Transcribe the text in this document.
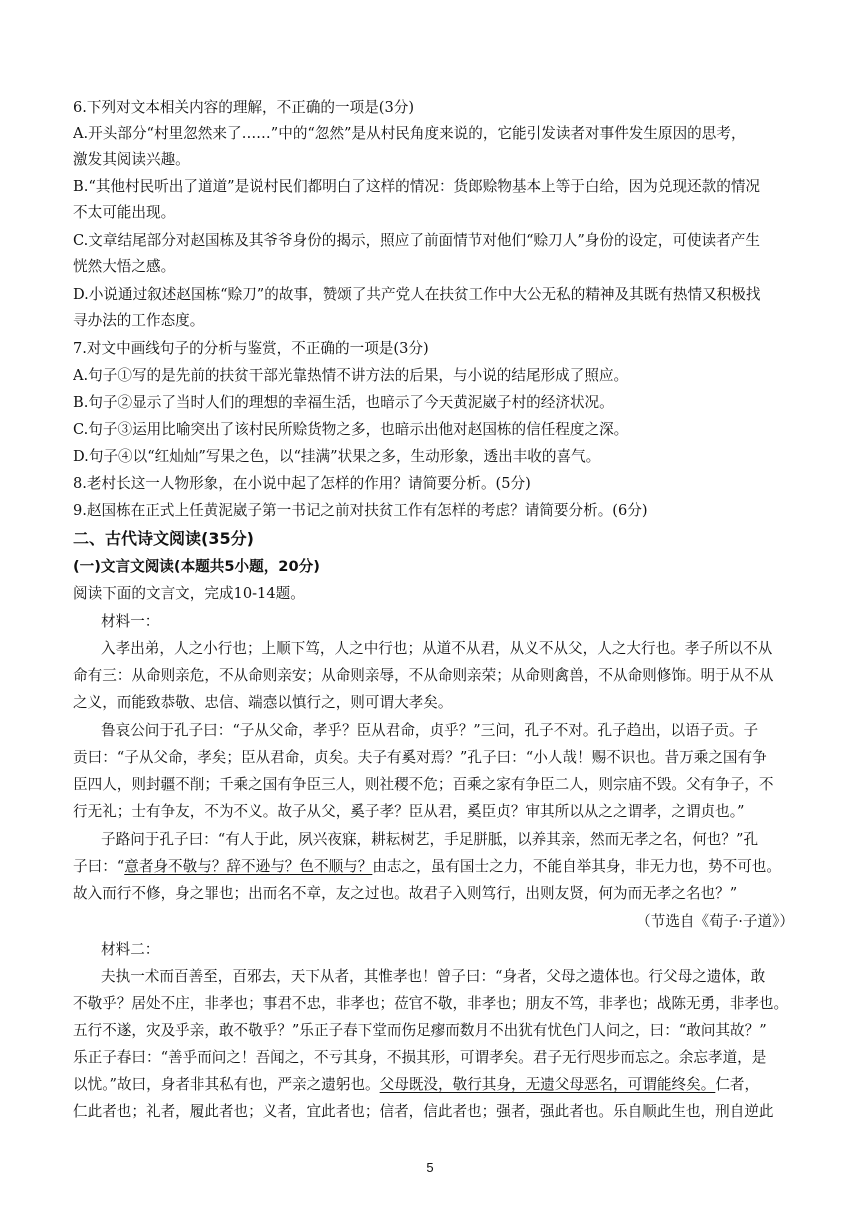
6.下列对文本相关内容的理解，不正确的一项是(3分)
A.开头部分“村里忽然来了……”中的“忽然”是从村民角度来说的，它能引发读者对事件发生原因的思考，
激发其阅读兴趣。
B.“其他村民听出了道道”是说村民们都明白了这样的情况：货郎赊物基本上等于白给，因为兑现还款的情况
不太可能出现。
C.文章结尾部分对赵国栋及其爷爷身份的揭示，照应了前面情节对他们“赊刀人”身份的设定，可使读者产生
恍然大悟之感。
D.小说通过叙述赵国栋“赊刀”的故事，赞颂了共产党人在扶贫工作中大公无私的精神及其既有热情又积极找
寻办法的工作态度。
7.对文中画线句子的分析与鉴赏，不正确的一项是(3分)
A.句子①写的是先前的扶贫干部光靠热情不讲方法的后果，与小说的结尾形成了照应。
B.句子②显示了当时人们的理想的幸福生活，也暗示了今天黄泥崴子村的经济状况。
C.句子③运用比喻突出了该村民所赊货物之多，也暗示出他对赵国栋的信任程度之深。
D.句子④以“红灿灿”写果之色，以“挂满”状果之多，生动形象，透出丰收的喜气。
8.老村长这一人物形象，在小说中起了怎样的作用？请简要分析。(5分)
9.赵国栋在正式上任黄泥崴子第一书记之前对扶贫工作有怎样的考虑？请简要分析。(6分)
二、古代诗文阅读(35分)
(一)文言文阅读(本题共5小题，20分)
阅读下面的文言文，完成10-14题。
材料一：
入孝出弟，人之小行也；上顺下笃，人之中行也；从道不从君，从义不从父，人之大行也。孝子所以不从
命有三：从命则亲危，不从命则亲安；从命则亲辱，不从命则亲荣；从命则禽兽，不从命则修饰。明于从不从
之义，而能致恭敬、忠信、端悫以慎行之，则可谓大孝矣。
鲁哀公问于孔子曰：“子从父命，孝乎？臣从君命，贞乎？”三问，孔子不对。孔子趋出，以语子贡。子
贡曰：“子从父命，孝矣；臣从君命，贞矣。夫子有奚对焉？”孔子曰：“小人哉！赐不识也。昔万乘之国有争
臣四人，则封疆不削；千乘之国有争臣三人，则社稷不危；百乘之家有争臣二人，则宗庙不毁。父有争子，不
行无礼；士有争友，不为不义。故子从父，奚子孝？臣从君，奚臣贞？审其所以从之之谓孝，之谓贞也。”
子路问于孔子曰：“有人于此，夙兴夜寐，耕耘树艺，手足胼胝，以养其亲，然而无孝之名，何也？”孔
子曰：“意者身不敬与？辞不逊与？色不顺与？由志之，虽有国士之力，不能自举其身，非无力也，势不可也。
故入而行不修，身之罪也；出而名不章，友之过也。故君子入则笃行，出则友贤，何为而无孝之名也？”
（节选自《荀子·子道》）
材料二：
夫执一术而百善至，百邪去，天下从者，其惟孝也！曾子曰：“身者，父母之遗体也。行父母之遗体，敢
不敬乎？居处不庄，非孝也；事君不忠，非孝也；莅官不敬，非孝也；朋友不笃，非孝也；战陈无勇，非孝也。
五行不遂，灾及乎亲，敢不敬乎？”乐正子春下堂而伤足瘳而数月不出犹有忧色门人问之，曰：“敢问其故？”
乐正子春曰：“善乎而问之！吾闻之，不亏其身，不损其形，可谓孝矣。君子无行咫步而忘之。余忘孝道，是
以忧。”故曰，身者非其私有也，严亲之遗躬也。父母既没，敬行其身，无遗父母恶名，可谓能终矣。仁者，
仁此者也；礼者，履此者也；义者，宜此者也；信者，信此者也；强者，强此者也。乐自顺此生也，刑自逆此
5
